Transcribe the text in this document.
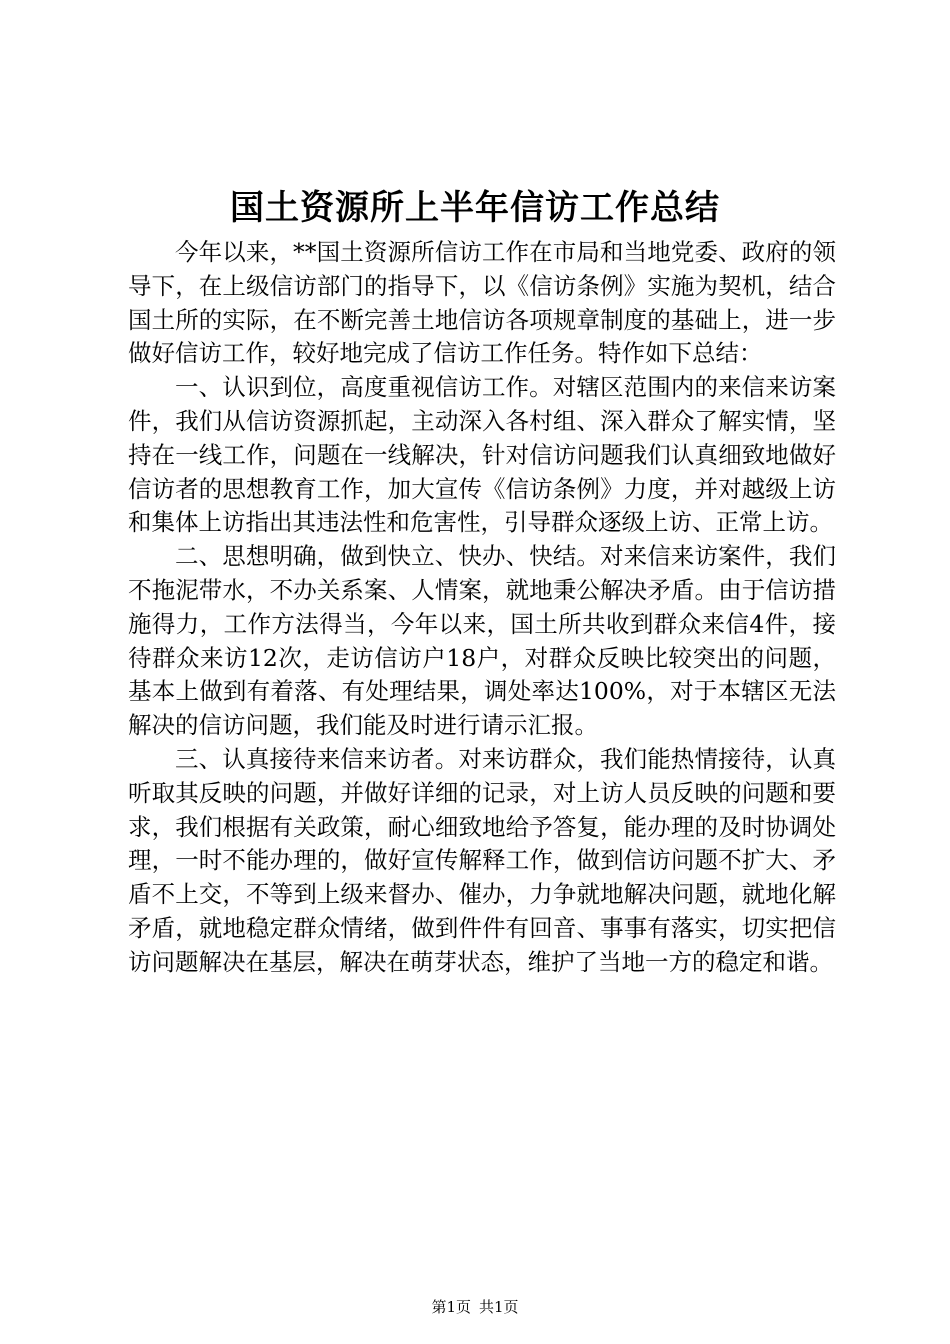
国土资源所上半年信访工作总结

今年以来，**国土资源所信访工作在市局和当地党委、政府的领导下，在上级信访部门的指导下，以《信访条例》实施为契机，结合国土所的实际，在不断完善土地信访各项规章制度的基础上，进一步做好信访工作，较好地完成了信访工作任务。特作如下总结：

一、认识到位，高度重视信访工作。对辖区范围内的来信来访案件，我们从信访资源抓起，主动深入各村组、深入群众了解实情，坚持在一线工作，问题在一线解决，针对信访问题我们认真细致地做好信访者的思想教育工作，加大宣传《信访条例》力度，并对越级上访和集体上访指出其违法性和危害性，引导群众逐级上访、正常上访。

二、思想明确，做到快立、快办、快结。对来信来访案件，我们不拖泥带水，不办关系案、人情案，就地秉公解决矛盾。由于信访措施得力，工作方法得当，今年以来，国土所共收到群众来信4件，接待群众来访12次，走访信访户18户，对群众反映比较突出的问题，基本上做到有着落、有处理结果，调处率达100%，对于本辖区无法解决的信访问题，我们能及时进行请示汇报。

三、认真接待来信来访者。对来访群众，我们能热情接待，认真听取其反映的问题，并做好详细的记录，对上访人员反映的问题和要求，我们根据有关政策，耐心细致地给予答复，能办理的及时协调处理，一时不能办理的，做好宣传解释工作，做到信访问题不扩大、矛盾不上交，不等到上级来督办、催办，力争就地解决问题，就地化解矛盾，就地稳定群众情绪，做到件件有回音、事事有落实，切实把信访问题解决在基层，解决在萌芽状态，维护了当地一方的稳定和谐。

第1页 共1页
